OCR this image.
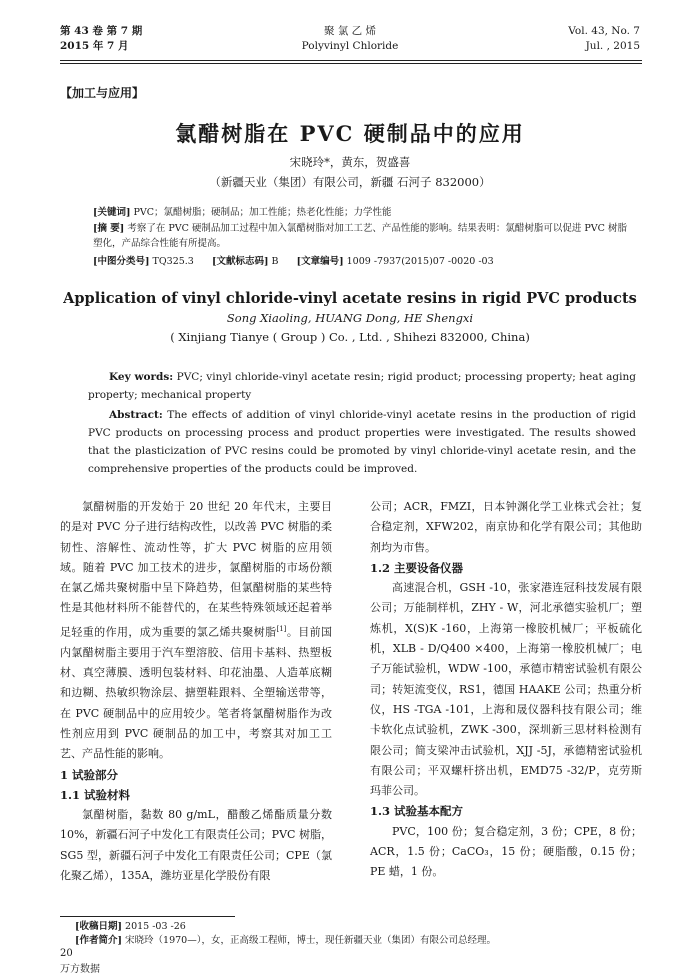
第 43 卷 第 7 期
2015 年 7 月
聚 氯 乙 烯
Polyvinyl Chloride
Vol. 43, No. 7
Jul. , 2015
【加工与应用】
氯醋树脂在 PVC 硬制品中的应用
宋晓玲*，黄东，贺盛喜
（新疆天业（集团）有限公司，新疆 石河子 832000）
[关键词] PVC；氯醋树脂；硬制品；加工性能；热老化性能；力学性能
[摘 要] 考察了在 PVC 硬制品加工过程中加入氯醋树脂对加工工艺、产品性能的影响。结果表明：氯醋树脂可以促进 PVC 树脂塑化，产品综合性能有所提高。
[中图分类号] TQ325.3 [文献标志码] B [文章编号] 1009 -7937(2015)07 -0020 -03
Application of vinyl chloride-vinyl acetate resins in rigid PVC products
Song Xiaoling, HUANG Dong, HE Shengxi
( Xinjiang Tianye ( Group ) Co. , Ltd. , Shihezi 832000, China)
Key words: PVC; vinyl chloride-vinyl acetate resin; rigid product; processing property; heat aging property; mechanical property
Abstract: The effects of addition of vinyl chloride-vinyl acetate resins in the production of rigid PVC products on processing process and product properties were investigated. The results showed that the plasticization of PVC resins could be promoted by vinyl chloride-vinyl acetate resin, and the comprehensive properties of the products could be improved.

氯醋树脂的开发始于 20 世纪 20 年代末，主要目的是对 PVC 分子进行结构改性，以改善 PVC 树脂的柔韧性、溶解性、流动性等，扩大 PVC 树脂的应用领域。随着 PVC 加工技术的进步，氯醋树脂的市场份额在氯乙烯共聚树脂中呈下降趋势，但氯醋树脂的某些特性是其他材料所不能替代的，在某些特殊领域还起着举足轻重的作用，成为重要的氯乙烯共聚树脂[1]。目前国内氯醋树脂主要用于汽车塑溶胶、信用卡基料、热塑板材、真空薄膜、透明包装材料、印花油墨、人造革底糊和边糊、热敏织物涂层、搪塑鞋跟料、全塑输送带等，在 PVC 硬制品中的应用较少。笔者将氯醋树脂作为改性剂应用到 PVC 硬制品的加工中，考察其对加工工艺、产品性能的影响。

1 试验部分
1.1 试验材料

氯醋树脂，黏数 80 g/mL，醋酸乙烯酯质量分数 10%，新疆石河子中发化工有限责任公司；PVC 树脂，SG5 型，新疆石河子中发化工有限责任公司；CPE（氯化聚乙烯），135A，潍坊亚星化学股份有限

公司；ACR，FMZI，日本钟渊化学工业株式会社；复合稳定剂，XFW202，南京协和化学有限公司；其他助剂均为市售。

1.2 主要设备仪器

高速混合机，GSH -10，张家港连冠科技发展有限公司；万能制样机，ZHY - W，河北承德实验机厂；塑炼机，X(S)K -160，上海第一橡胶机械厂；平板硫化机，XLB - D/Q400 ×400，上海第一橡胶机械厂；电子万能试验机，WDW -100，承德市精密试验机有限公司；转矩流变仪，RS1，德国 HAAKE 公司；热重分析仪，HS -TGA -101，上海和晟仪器科技有限公司；维卡软化点试验机，ZWK -300，深圳新三思材料检测有限公司；简支梁冲击试验机，XJJ -5J，承德精密试验机有限公司；平双螺杆挤出机，EMD75 -32/P，克劳斯玛菲公司。

1.3 试验基本配方

PVC，100 份；复合稳定剂，3 份；CPE，8 份；ACR，1.5 份；CaCO₃，15 份；硬脂酸，0.15 份；PE 蜡，1 份。

[收稿日期] 2015 -03 -26
[作者简介] 宋晓玲（1970—），女，正高级工程师，博士，现任新疆天业（集团）有限公司总经理。
20
万方数据
